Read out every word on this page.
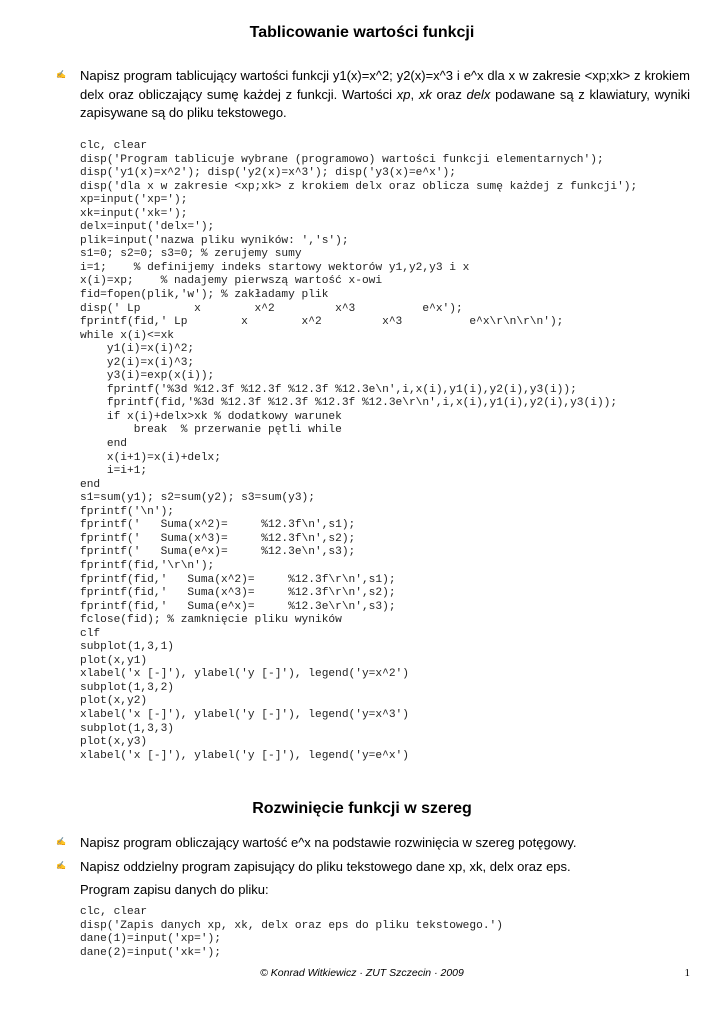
Tablicowanie wartości funkcji
✍	Napisz program tablicujący wartości funkcji y1(x)=x^2; y2(x)=x^3 i e^x dla x w zakresie <xp;xk> z krokiem delx oraz obliczający sumę każdej z funkcji. Wartości xp, xk oraz delx podawane są z klawiatury, wyniki zapisywane są do pliku tekstowego.
clc, clear
disp('Program tablicuje wybrane (programowo) wartości funkcji elementarnych');
disp('y1(x)=x^2'); disp('y2(x)=x^3'); disp('y3(x)=e^x');
disp('dla x w zakresie <xp;xk> z krokiem delx oraz oblicza sumę każdej z funkcji');
xp=input('xp=');
xk=input('xk=');
delx=input('delx=');
plik=input('nazwa pliku wyników: ','s');
s1=0; s2=0; s3=0; % zerujemy sumy
i=1;    % definijemy indeks startowy wektorów y1,y2,y3 i x
x(i)=xp;    % nadajemy pierwszą wartość x-owi
fid=fopen(plik,'w'); % zakładamy plik
disp(' Lp        x        x^2         x^3          e^x');
fprintf(fid,' Lp        x        x^2         x^3          e^x\r\n\r\n');
while x(i)<=xk
y1(i)=x(i)^2;
y2(i)=x(i)^3;
y3(i)=exp(x(i));
fprintf('%3d %12.3f %12.3f %12.3f %12.3e\n',i,x(i),y1(i),y2(i),y3(i));
fprintf(fid,'%3d %12.3f %12.3f %12.3f %12.3e\r\n',i,x(i),y1(i),y2(i),y3(i));
if x(i)+delx>xk % dodatkowy warunek
break  % przerwanie pętli while
end
x(i+1)=x(i)+delx;
i=i+1;
end
s1=sum(y1); s2=sum(y2); s3=sum(y3);
fprintf('\n');
fprintf('   Suma(x^2)=     %12.3f\n',s1);
fprintf('   Suma(x^3)=     %12.3f\n',s2);
fprintf('   Suma(e^x)=     %12.3e\n',s3);
fprintf(fid,'\r\n');
fprintf(fid,'   Suma(x^2)=     %12.3f\r\n',s1);
fprintf(fid,'   Suma(x^3)=     %12.3f\r\n',s2);
fprintf(fid,'   Suma(e^x)=     %12.3e\r\n',s3);
fclose(fid); % zamknięcie pliku wyników
clf
subplot(1,3,1)
plot(x,y1)
xlabel('x [-]'), ylabel('y [-]'), legend('y=x^2')
subplot(1,3,2)
plot(x,y2)
xlabel('x [-]'), ylabel('y [-]'), legend('y=x^3')
subplot(1,3,3)
plot(x,y3)
xlabel('x [-]'), ylabel('y [-]'), legend('y=e^x')
Rozwinięcie funkcji w szereg
✍	Napisz program obliczający wartość e^x na podstawie rozwinięcia w szereg potęgowy.
✍	Napisz oddzielny program zapisujący do pliku tekstowego dane xp, xk, delx oraz eps.
Program zapisu danych do pliku:
clc, clear
disp('Zapis danych xp, xk, delx oraz eps do pliku tekstowego.')
dane(1)=input('xp=');
dane(2)=input('xk=');
© Konrad Witkiewicz · ZUT Szczecin · 2009	1
